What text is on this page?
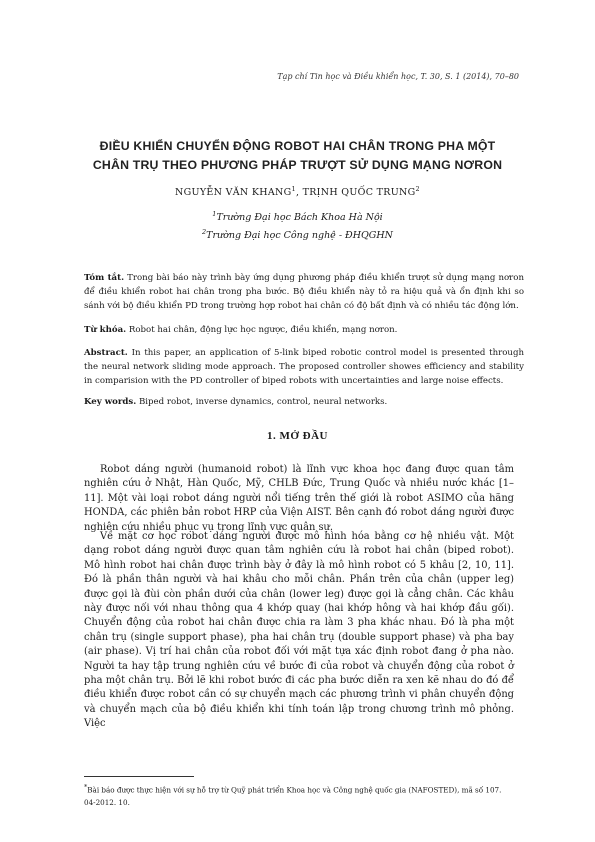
Tạp chí Tin học và Điều khiển học, T. 30, S. 1 (2014), 70–80
ĐIỀU KHIỂN CHUYỂN ĐỘNG ROBOT HAI CHÂN TRONG PHA MỘT
CHÂN TRỤ THEO PHƯƠNG PHÁP TRƯỢT SỬ DỤNG MẠNG NƠRON
NGUYỄN VĂN KHANG$^1$, TRỊNH QUỐC TRUNG$^2$
$^1$Trường Đại học Bách Khoa Hà Nội
$^2$Trường Đại học Công nghệ - ĐHQGHN
Tóm tắt. Trong bài báo này trình bày ứng dụng phương pháp điều khiển trượt sử dụng mạng nơron để điều khiển robot hai chân trong pha bước. Bộ điều khiển này tỏ ra hiệu quả và ổn định khi so sánh với bộ điều khiển PD trong trường hợp robot hai chân có độ bất định và có nhiều tác động lớn.
Từ khóa. Robot hai chân, động lực học ngược, điều khiển, mạng nơron.
Abstract. In this paper, an application of 5-link biped robotic control model is presented through the neural network sliding mode approach. The proposed controller showes efficiency and stability in comparision with the PD controller of biped robots with uncertainties and large noise effects.
Key words. Biped robot, inverse dynamics, control, neural networks.
1. MỞ ĐẦU
Robot dáng người (humanoid robot) là lĩnh vực khoa học đang được quan tâm nghiên cứu ở Nhật, Hàn Quốc, Mỹ, CHLB Đức, Trung Quốc và nhiều nước khác [1–11]. Một vài loại robot dáng người nổi tiếng trên thế giới là robot ASIMO của hãng HONDA, các phiên bản robot HRP của Viện AIST. Bên cạnh đó robot dáng người được nghiên cứu nhiều phục vụ trong lĩnh vực quân sự.
Về mặt cơ học robot dáng người được mô hình hóa bằng cơ hệ nhiều vật. Một dạng robot dáng người được quan tâm nghiên cứu là robot hai chân (biped robot). Mô hình robot hai chân được trình bày ở đây là mô hình robot có 5 khâu [2, 10, 11]. Đó là phần thân người và hai khâu cho mỗi chân. Phần trên của chân (upper leg) được gọi là đùi còn phần dưới của chân (lower leg) được gọi là cẳng chân. Các khâu này được nối với nhau thông qua 4 khớp quay (hai khớp hông và hai khớp đầu gối). Chuyển động của robot hai chân được chia ra làm 3 pha khác nhau. Đó là pha một chân trụ (single support phase), pha hai chân trụ (double support phase) và pha bay (air phase). Vị trí hai chân của robot đối với mặt tựa xác định robot đang ở pha nào. Người ta hay tập trung nghiên cứu về bước đi của robot và chuyển động của robot ở pha một chân trụ. Bởi lẽ khi robot bước đi các pha bước diễn ra xen kẽ nhau do đó để điều khiển được robot cần có sự chuyển mạch các phương trình vi phân chuyển động và chuyển mạch của bộ điều khiển khi tính toán lập trong chương trình mô phỏng. Việc
*Bài báo được thực hiện với sự hỗ trợ từ Quỹ phát triển Khoa học và Công nghệ quốc gia (NAFOSTED), mã số 107. 04-2012. 10.
